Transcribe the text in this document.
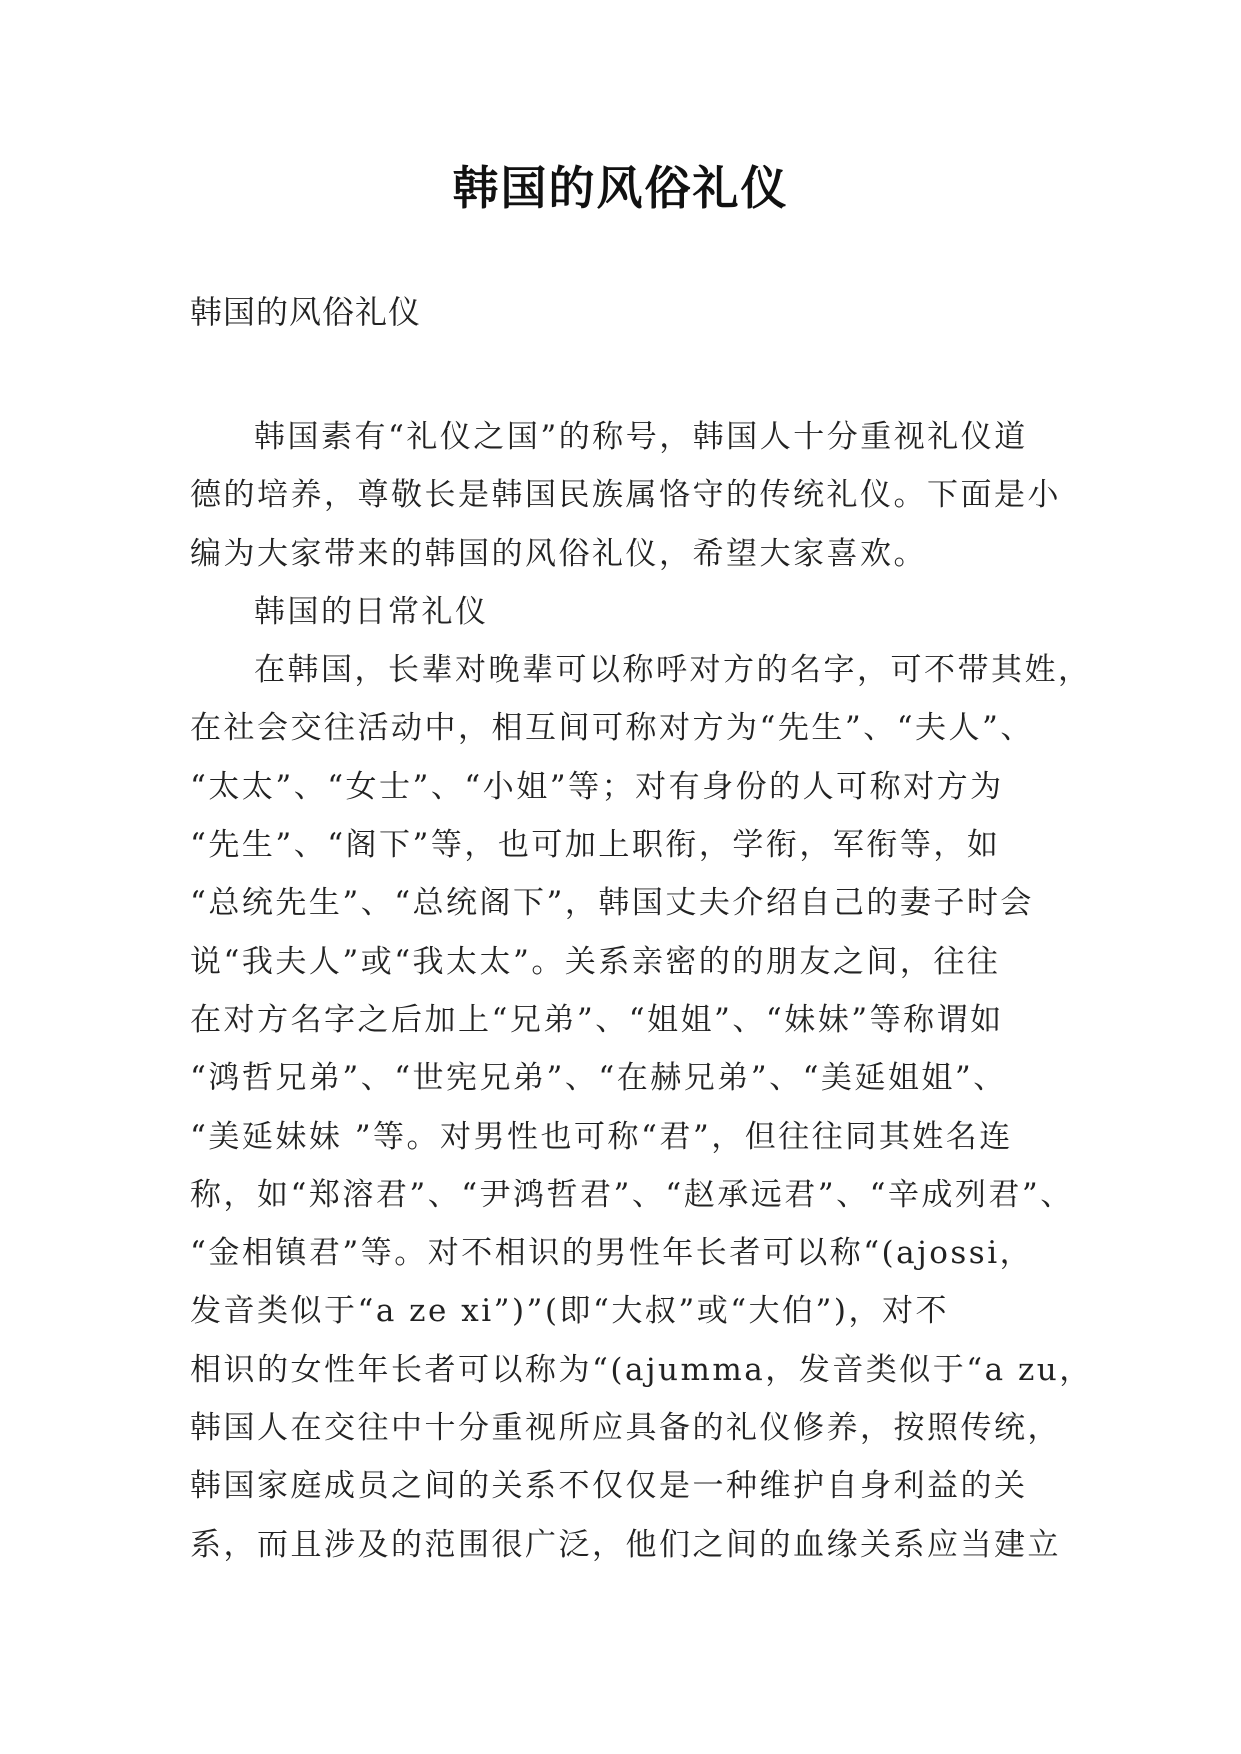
韩国的风俗礼仪
韩国的风俗礼仪
韩国素有“礼仪之国”的称号，韩国人十分重视礼仪道
德的培养，尊敬长是韩国民族属恪守的传统礼仪。下面是小
编为大家带来的韩国的风俗礼仪，希望大家喜欢。
韩国的日常礼仪
在韩国，长辈对晚辈可以称呼对方的名字，可不带其姓，
在社会交往活动中，相互间可称对方为“先生”、“夫人”、
“太太”、“女士”、“小姐”等；对有身份的人可称对方为
“先生”、“阁下”等，也可加上职衔，学衔，军衔等，如
“总统先生”、“总统阁下”，韩国丈夫介绍自己的妻子时会
说“我夫人”或“我太太”。关系亲密的的朋友之间，往往
在对方名字之后加上“兄弟”、“姐姐”、“妹妹”等称谓如
“鸿哲兄弟”、“世宪兄弟”、“在赫兄弟”、“美延姐姐”、
“美延妹妹 ”等。对男性也可称“君”，但往往同其姓名连
称，如“郑溶君”、“尹鸿哲君”、“赵承远君”、“辛成列君”、
“金相镇君”等。对不相识的男性年长者可以称“(ajossi，
发音类似于“a ze xi”)”(即“大叔”或“大伯”)，对不
相识的女性年长者可以称为“(ajumma，发音类似于“a zu，
韩国人在交往中十分重视所应具备的礼仪修养，按照传统，
韩国家庭成员之间的关系不仅仅是一种维护自身利益的关
系，而且涉及的范围很广泛，他们之间的血缘关系应当建立
